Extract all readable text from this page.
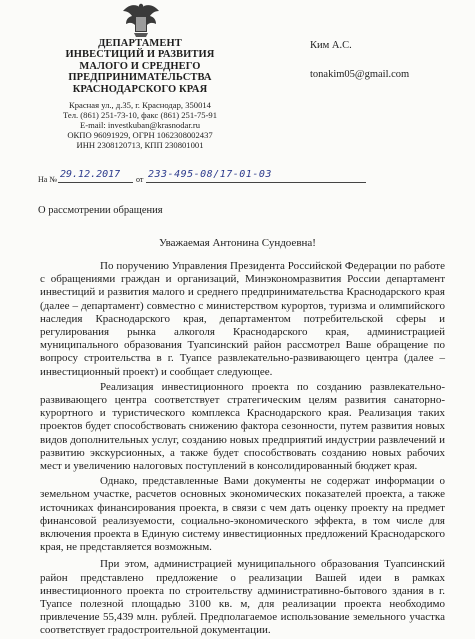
ДЕПАРТАМЕНТ
ИНВЕСТИЦИЙ И РАЗВИТИЯ
МАЛОГО И СРЕДНЕГО
ПРЕДПРИНИМАТЕЛЬСТВА
КРАСНОДАРСКОГО КРАЯ
Красная ул., д.35, г. Краснодар, 350014
Тел. (861) 251-73-10, факс (861) 251-75-91
E-mail: investkuban@krasnodar.ru
ОКПО 96091929, ОГРН 1062308002437
ИНН 2308120713, КПП 230801001
Ким А.С.
tonakim05@gmail.com
На № 29.12.2017 от 233-495-08/17-01-03
О рассмотрении обращения
Уважаемая Антонина Сундоевна!

По поручению Управления Президента Российской Федерации по работе с обращениями граждан и организаций, Минэкономразвития России департамент инвестиций и развития малого и среднего предпринимательства Краснодарского края (далее – департамент) совместно с министерством курортов, туризма и олимпийского наследия Краснодарского края, департаментом потребительской сферы и регулирования рынка алкоголя Краснодарского края, администрацией муниципального образования Туапсинский район рассмотрел Ваше обращение по вопросу строительства в г. Туапсе развлекательно-развивающего центра (далее – инвестиционный проект) и сообщает следующее.

Реализация инвестиционного проекта по созданию развлекательно-развивающего центра соответствует стратегическим целям развития санаторно-курортного и туристического комплекса Краснодарского края. Реализация таких проектов будет способствовать снижению фактора сезонности, путем развития новых видов дополнительных услуг, созданию новых предприятий индустрии развлечений и развитию экскурсионных, а также будет способствовать созданию новых рабочих мест и увеличению налоговых поступлений в консолидированный бюджет края.

Однако, представленные Вами документы не содержат информации о земельном участке, расчетов основных экономических показателей проекта, а также источниках финансирования проекта, в связи с чем дать оценку проекту на предмет финансовой реализуемости, социально-экономического эффекта, в том числе для включения проекта в Единую систему инвестиционных предложений Краснодарского края, не представляется возможным.

При этом, администрацией муниципального образования Туапсинский район представлено предложение о реализации Вашей идеи в рамках инвестиционного проекта по строительству административно-бытового здания в г. Туапсе полезной площадью 3100 кв. м, для реализации проекта необходимо привлечение 55,439 млн. рублей. Предполагаемое использование земельного участка соответствует градостроительной документации.
